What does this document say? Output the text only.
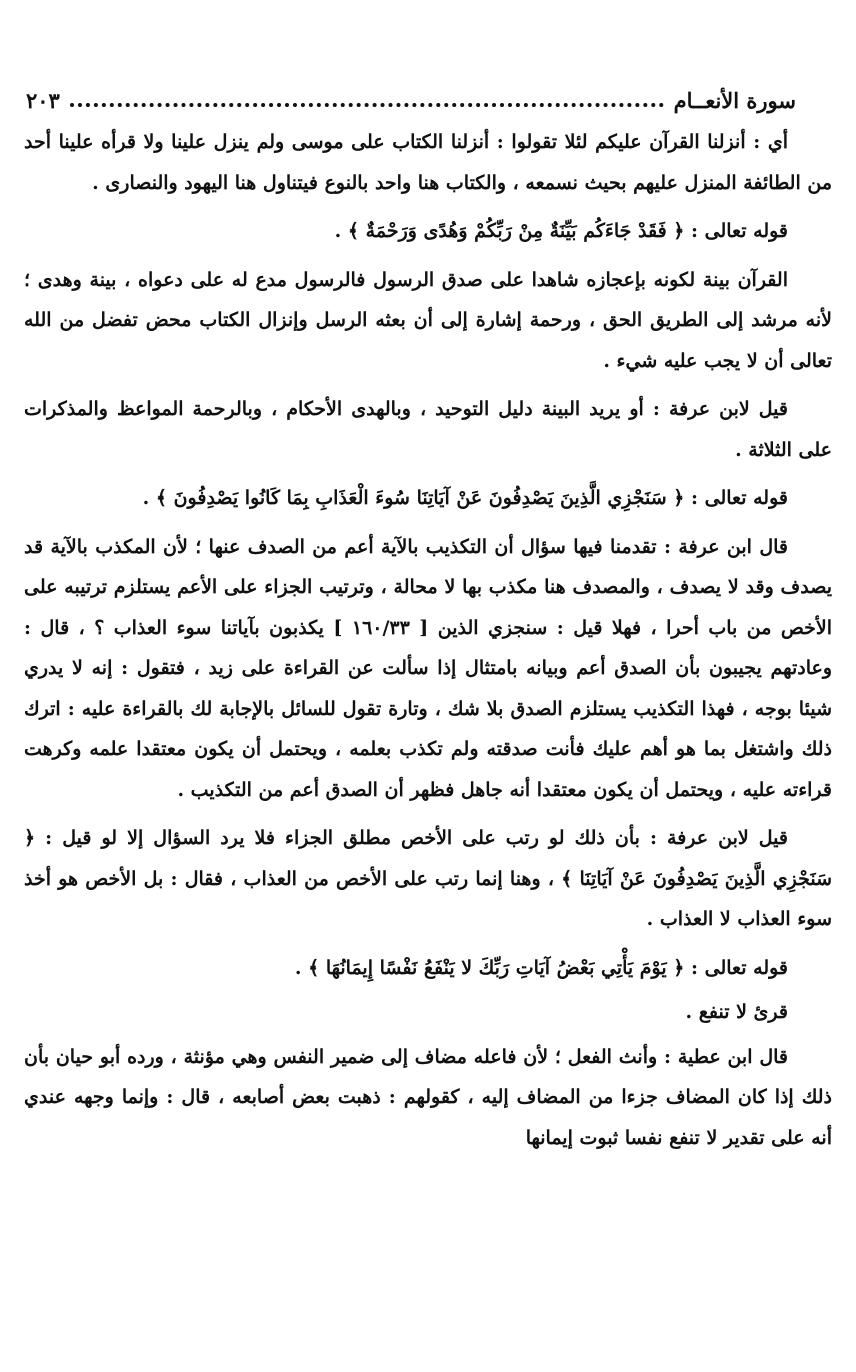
سورة الأنعــام
٢٠٣

أي : أنزلنا القرآن عليكم لئلا تقولوا : أنزلنا الكتاب على موسى ولم ينزل علينا ولا قرأه علينا أحد من الطائفة المنزل عليهم بحيث نسمعه ، والكتاب هنا واحد بالنوع فيتناول هنا اليهود والنصارى .

قوله تعالى : ﴿ فَقَدْ جَاءَكُم بَيِّنَةٌ مِنْ رَبِّكُمْ وَهُدًى وَرَحْمَةٌ ﴾ .

القرآن بينة لكونه بإعجازه شاهدا على صدق الرسول فالرسول مدع له على دعواه ، بينة وهدى ؛ لأنه مرشد إلى الطريق الحق ، ورحمة إشارة إلى أن بعثه الرسل وإنزال الكتاب محض تفضل من الله تعالى أن لا يجب عليه شيء .

قيل لابن عرفة : أو يريد البينة دليل التوحيد ، وبالهدى الأحكام ، وبالرحمة المواعظ والمذكرات على الثلاثة .

قوله تعالى : ﴿ سَنَجْزِي الَّذِينَ يَصْدِفُونَ عَنْ آيَاتِنَا سُوءَ الْعَذَابِ بِمَا كَانُوا يَصْدِفُونَ ﴾ .

قال ابن عرفة : تقدمنا فيها سؤال أن التكذيب بالآية أعم من الصدف عنها ؛ لأن المكذب بالآية قد يصدف وقد لا يصدف ، والمصدف هنا مكذب بها لا محالة ، وترتيب الجزاء على الأعم يستلزم ترتيبه على الأخص من باب أحرا ، فهلا قيل : سنجزي الذين [ ١٦٠/٣٣ ] يكذبون بآياتنا سوء العذاب ؟ ، قال : وعادتهم يجيبون بأن الصدق أعم وبيانه بامتثال إذا سألت عن القراءة على زيد ، فتقول : إنه لا يدري شيئا بوجه ، فهذا التكذيب يستلزم الصدق بلا شك ، وتارة تقول للسائل بالإجابة لك بالقراءة عليه : اترك ذلك واشتغل بما هو أهم عليك فأنت صدقته ولم تكذب بعلمه ، ويحتمل أن يكون معتقدا علمه وكرهت قراءته عليه ، ويحتمل أن يكون معتقدا أنه جاهل فظهر أن الصدق أعم من التكذيب .

قيل لابن عرفة : بأن ذلك لو رتب على الأخص مطلق الجزاء فلا يرد السؤال إلا لو قيل : ﴿ سَنَجْزِي الَّذِينَ يَصْدِفُونَ عَنْ آيَاتِنَا ﴾ ، وهنا إنما رتب على الأخص من العذاب ، فقال : بل الأخص هو أخذ سوء العذاب لا العذاب .

قوله تعالى : ﴿ يَوْمَ يَأْتِي بَعْضُ آيَاتِ رَبِّكَ لا يَنْفَعُ نَفْسًا إِيمَانُهَا ﴾ .

قرئ لا تنفع .

قال ابن عطية : وأنث الفعل ؛ لأن فاعله مضاف إلى ضمير النفس وهي مؤنثة ، ورده أبو حيان بأن ذلك إذا كان المضاف جزءا من المضاف إليه ، كقولهم : ذهبت بعض أصابعه ، قال : وإنما وجهه عندي أنه على تقدير لا تنفع نفسا ثبوت إيمانها
